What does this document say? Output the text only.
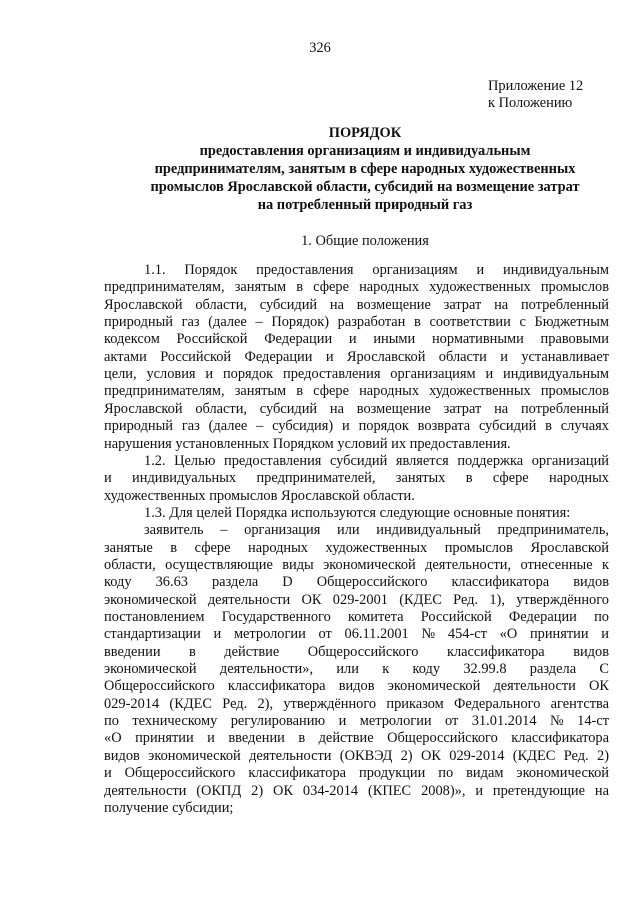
326
Приложение 12
к Положению
ПОРЯДОК
предоставления организациям и индивидуальным
предпринимателям, занятым в сфере народных художественных
промыслов Ярославской области, субсидий на возмещение затрат
на потребленный природный газ
1. Общие положения
1.1. Порядок предоставления организациям и индивидуальным
предпринимателям, занятым в сфере народных художественных промыслов
Ярославской области, субсидий на возмещение затрат на потребленный
природный газ (далее – Порядок) разработан в соответствии с Бюджетным
кодексом Российской Федерации и иными нормативными правовыми
актами Российской Федерации и Ярославской области и устанавливает
цели, условия и порядок предоставления организациям и индивидуальным
предпринимателям, занятым в сфере народных художественных промыслов
Ярославской области, субсидий на возмещение затрат на потребленный
природный газ (далее – субсидия) и порядок возврата субсидий в случаях
нарушения установленных Порядком условий их предоставления.
1.2. Целью предоставления субсидий является поддержка организаций
и индивидуальных предпринимателей, занятых в сфере народных
художественных промыслов Ярославской области.
1.3. Для целей Порядка используются следующие основные понятия:
заявитель – организация или индивидуальный предприниматель,
занятые в сфере народных художественных промыслов Ярославской
области, осуществляющие виды экономической деятельности, отнесенные к
коду 36.63 раздела D Общероссийского классификатора видов
экономической деятельности ОК 029-2001 (КДЕС Ред. 1), утверждённого
постановлением Государственного комитета Российской Федерации по
стандартизации и метрологии от 06.11.2001 № 454-ст «О принятии и
введении в действие Общероссийского классификатора видов
экономической деятельности», или к коду 32.99.8 раздела С
Общероссийского классификатора видов экономической деятельности ОК
029-2014 (КДЕС Ред. 2), утверждённого приказом Федерального агентства
по техническому регулированию и метрологии от 31.01.2014 № 14-ст
«О принятии и введении в действие Общероссийского классификатора
видов экономической деятельности (ОКВЭД 2) ОК 029-2014 (КДЕС Ред. 2)
и Общероссийского классификатора продукции по видам экономической
деятельности (ОКПД 2) ОК 034-2014 (КПЕС 2008)», и претендующие на
получение субсидии;
